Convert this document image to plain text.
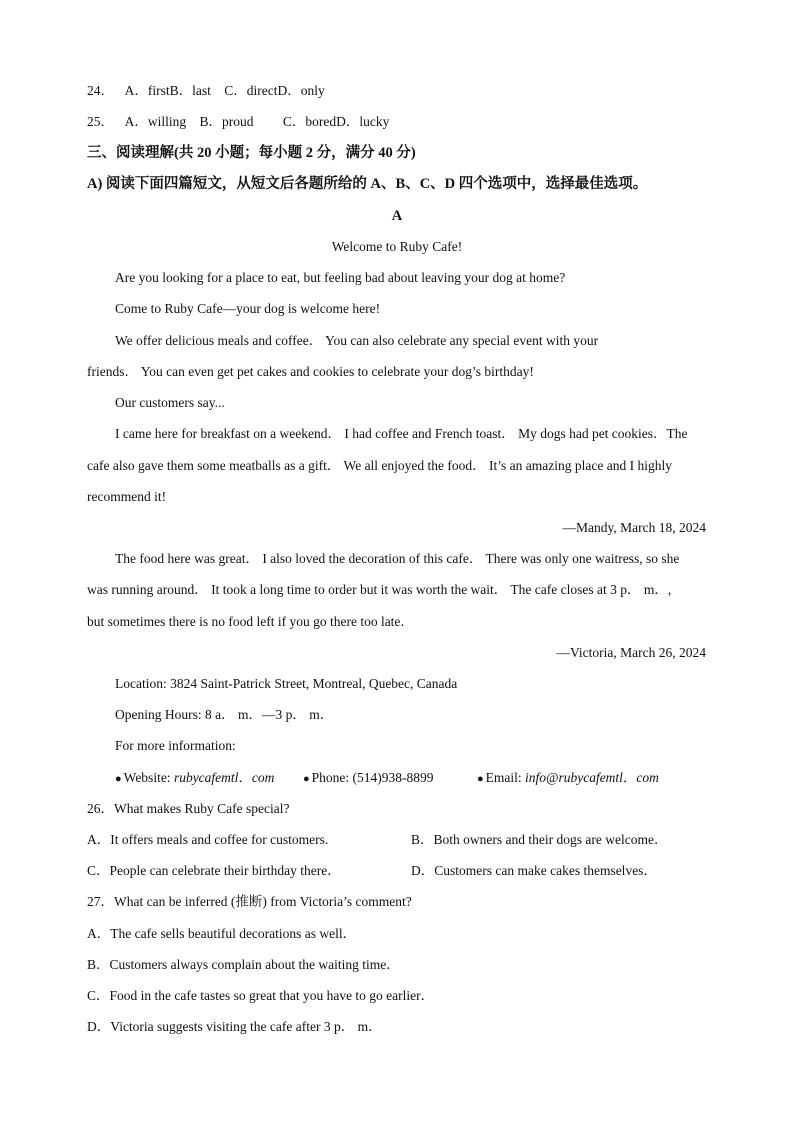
24． A．firstB．last C．directD．only
25． A．willing B．proud C．boredD．lucky
三、阅读理解(共 20 小题；每小题 2 分，满分 40 分)
A) 阅读下面四篇短文，从短文后各题所给的 A、B、C、D 四个选项中，选择最佳选项。
A
Welcome to Ruby Cafe!
Are you looking for a place to eat, but feeling bad about leaving your dog at home?
Come to Ruby Cafe—your dog is welcome here!
We offer delicious meals and coffee． You can also celebrate any special event with your
friends． You can even get pet cakes and cookies to celebrate your dog’s birthday!
Our customers say...
I came here for breakfast on a weekend． I had coffee and French toast． My dogs had pet cookies．The
cafe also gave them some meatballs as a gift． We all enjoyed the food． It’s an amazing place and I highly
recommend it!
—Mandy, March 18, 2024
The food here was great． I also loved the decoration of this cafe． There was only one waitress, so she
was running around． It took a long time to order but it was worth the wait． The cafe closes at 3 p． m．,
but sometimes there is no food left if you go there too late．
—Victoria, March 26, 2024
Location: 3824 Saint-Patrick Street, Montreal, Quebec, Canada
Opening Hours: 8 a． m．—3 p． m．
For more information:
● Website: rubycafemtl．com	● Phone: (514)938-8899	● Email: info@rubycafemtl．com
26．What makes Ruby Cafe special?
A．It offers meals and coffee for customers.	B．Both owners and their dogs are welcome．
C．People can celebrate their birthday there．	D．Customers can make cakes themselves．
27．What can be inferred (推断) from Victoria’s comment?
A．The cafe sells beautiful decorations as well．
B．Customers always complain about the waiting time．
C．Food in the cafe tastes so great that you have to go earlier．
D．Victoria suggests visiting the cafe after 3 p． m．
